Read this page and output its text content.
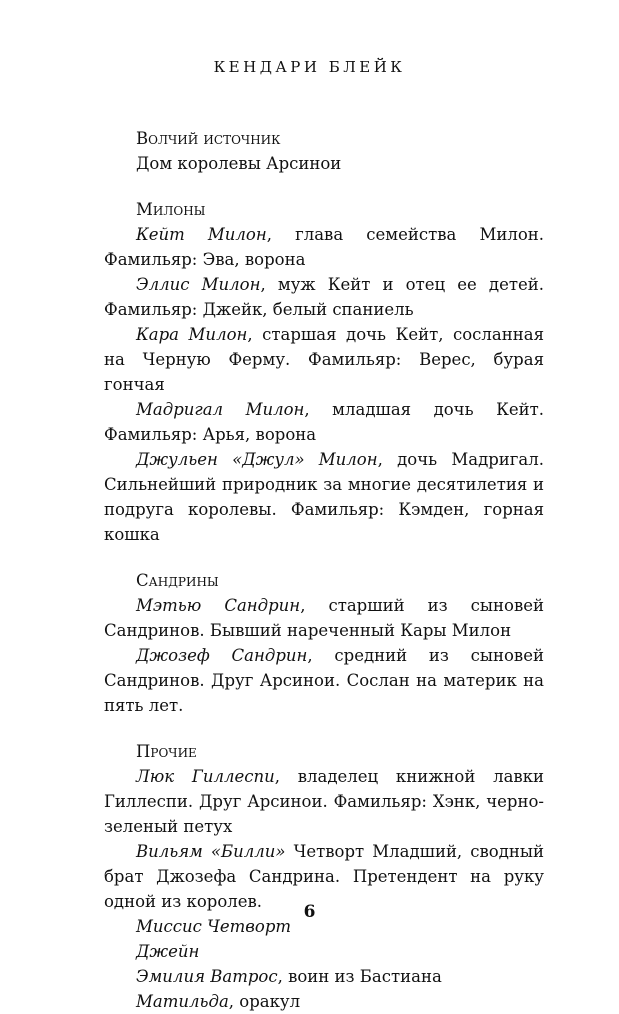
КЕНДАРИ БЛЕЙК

Волчий источник

Дом королевы Арсинои

Милоны

Кейт Милон, глава семейства Милон. Фамильяр: Эва, ворона

Эллис Милон, муж Кейт и отец ее детей. Фамильяр: Джейк, белый спаниель

Кара Милон, старшая дочь Кейт, сосланная на Черную Ферму. Фамильяр: Верес, бурая гончая

Мадригал Милон, младшая дочь Кейт. Фамильяр: Арья, ворона

Джульен «Джул» Милон, дочь Мадригал. Сильнейший природник за многие десятилетия и подруга королевы. Фамильяр: Кэмден, горная кошка

Сандрины

Мэтью Сандрин, старший из сыновей Сандринов. Бывший нареченный Кары Милон

Джозеф Сандрин, средний из сыновей Сандринов. Друг Арсинои. Сослан на материк на пять лет.

Прочие

Люк Гиллеспи, владелец книжной лавки Гиллеспи. Друг Арсинои. Фамильяр: Хэнк, черно-зеленый петух

Вильям «Билли» Четворт Младший, сводный брат Джозефа Сандрина. Претендент на руку одной из королев.

Миссис Четворт

Джейн

Эмилия Ватрос, воин из Бастиана

Матильда, оракул

6
